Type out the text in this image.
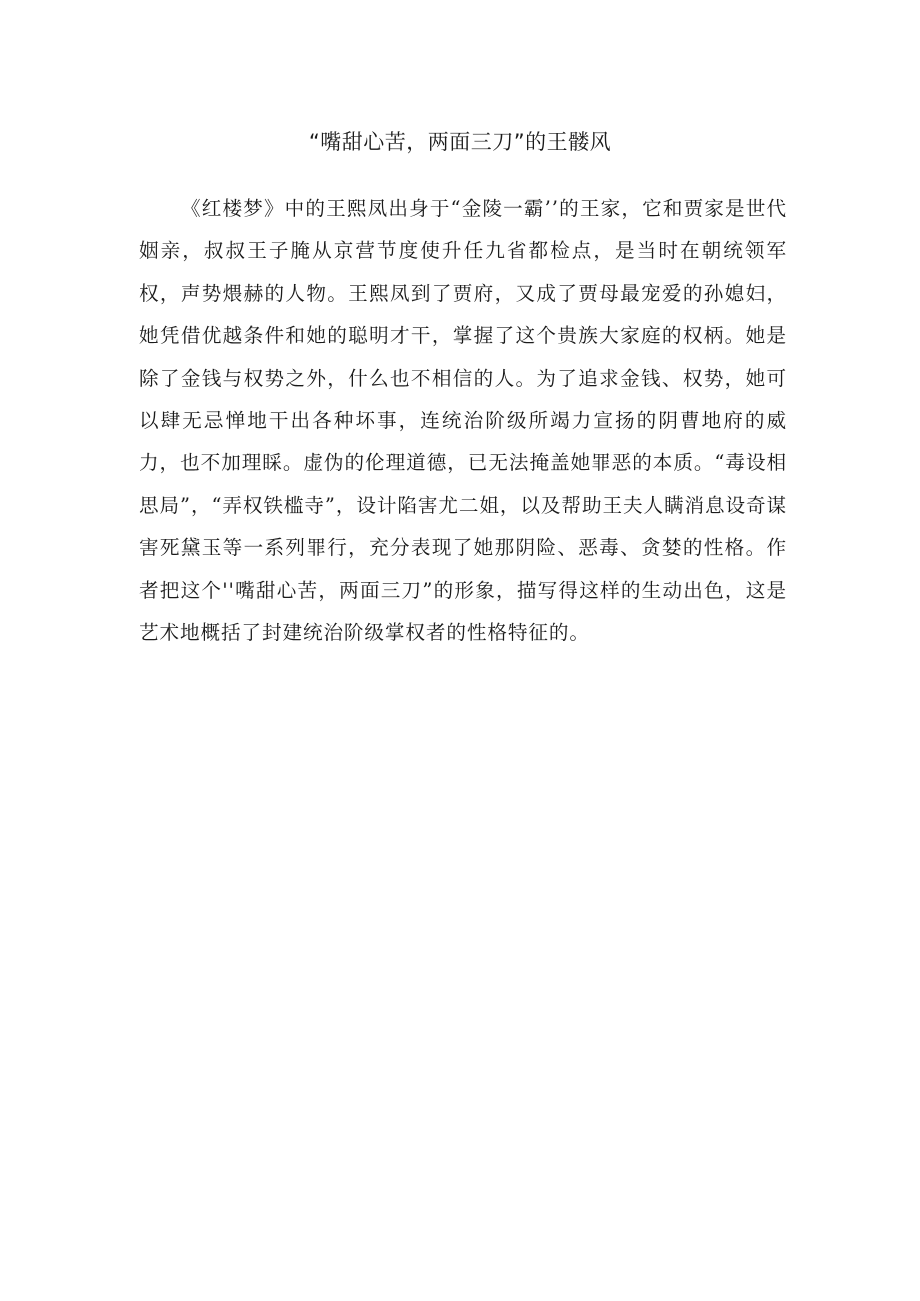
“嘴甜心苦，两面三刀”的王髅风

《红楼梦》中的王熙凤出身于“金陵一霸’’的王家，它和贾家是世代姻亲，叔叔王子腌从京营节度使升任九省都检点，是当时在朝统领军权，声势煨赫的人物。王熙凤到了贾府，又成了贾母最宠爱的孙媳妇，她凭借优越条件和她的聪明才干，掌握了这个贵族大家庭的权柄。她是除了金钱与权势之外，什么也不相信的人。为了追求金钱、权势，她可以肆无忌惮地干出各种坏事，连统治阶级所竭力宣扬的阴曹地府的威力，也不加理睬。虚伪的伦理道德，已无法掩盖她罪恶的本质。“毒设相思局”，“弄权铁槛寺”，设计陷害尤二姐，以及帮助王夫人瞒消息设奇谋害死黛玉等一系列罪行，充分表现了她那阴险、恶毒、贪婪的性格。作者把这个''嘴甜心苦，两面三刀”的形象，描写得这样的生动出色，这是艺术地概括了封建统治阶级掌权者的性格特征的。
